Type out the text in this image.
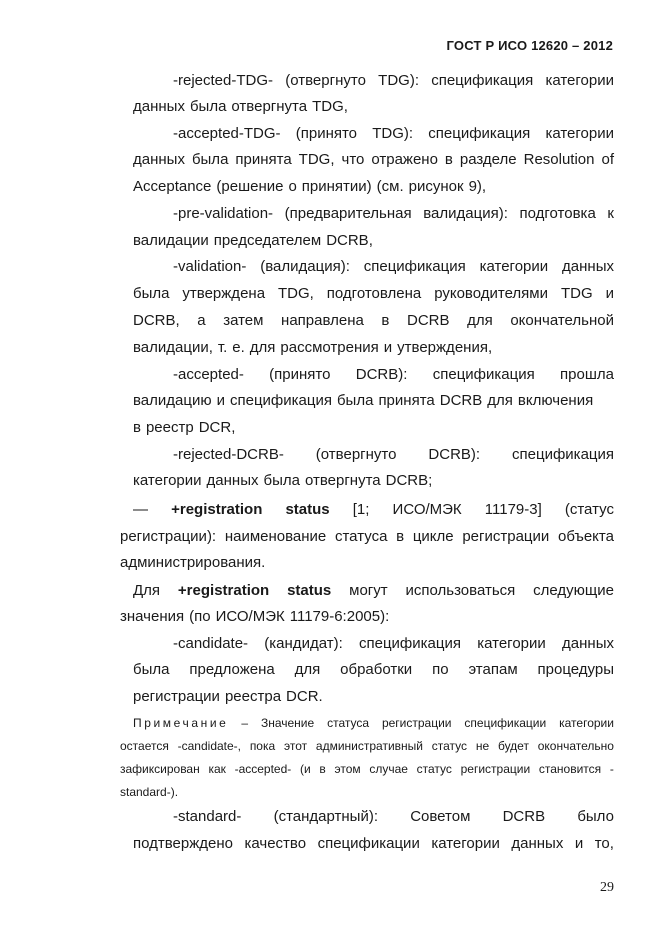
ГОСТ Р ИСО 12620 – 2012
-rejected-TDG- (отвергнуто TDG): спецификация категории
данных была отвергнута TDG,
-accepted-TDG- (принято TDG): спецификация категории
данных была принята TDG, что отражено в разделе Resolution of
Acceptance (решение о принятии) (см. рисунок 9),
-pre-validation- (предварительная валидация): подготовка к
валидации председателем DCRB,
-validation- (валидация): спецификация категории данных
была утверждена TDG, подготовлена руководителями TDG и
DCRB, а затем направлена в DCRB для окончательной
валидации, т. е. для рассмотрения и утверждения,
-accepted- (принято DCRB): спецификация прошла
валидацию и спецификация была принята DCRB для включения
в реестр DCR,
-rejected-DCRB- (отвергнуто DCRB): спецификация
категории данных была отвергнута DCRB;
— +registration status [1; ИСО/МЭК 11179-3] (статус
регистрации): наименование статуса в цикле регистрации объекта
администрирования.
Для +registration status могут использоваться следующие
значения (по ИСО/МЭК 11179-6:2005):
-candidate- (кандидат): спецификация категории данных
была предложена для обработки по этапам процедуры
регистрации реестра DCR.
Примечание – Значение статуса регистрации спецификации категории
остается -candidate-, пока этот административный статус не будет окончательно
зафиксирован как -accepted- (и в этом случае статус регистрации становится -
standard-).
-standard- (стандартный): Советом DCRB было
подтверждено качество спецификации категории данных и то,
29
